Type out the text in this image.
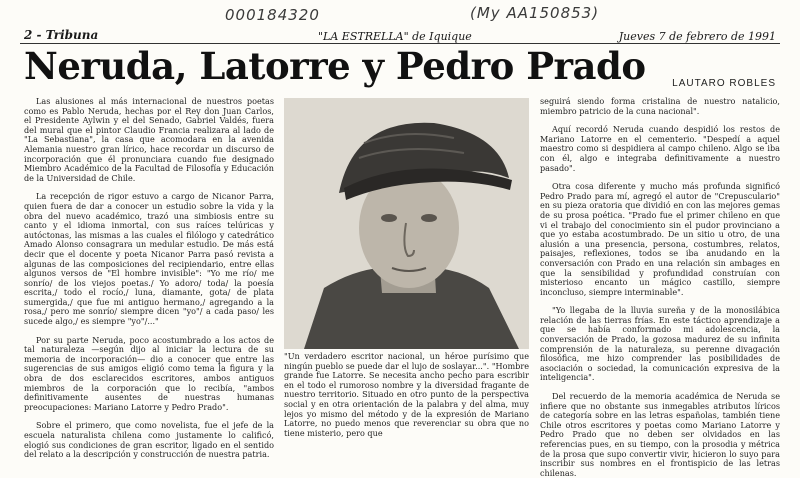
000184320	(My AA150853)
2 - Tribuna	"LA ESTRELLA" de Iquique	Jueves 7 de febrero de 1991
Neruda, Latorre y Pedro Prado	LAUTARO ROBLES

Las alusiones al más internacional de nuestros poetas como es Pablo Neruda, hechas por el Rey don Juan Carlos, el Presidente Aylwin y el del Senado, Gabriel Valdés, fuera del mural que el pintor Claudio Francia realizara al lado de "La Sebastiana", la casa que acomodara en la avenida Alemania nuestro gran lírico, hace recordar un discurso de incorporación que él pronunciara cuando fue designado Miembro Académico de la Facultad de Filosofía y Educación de la Universidad de Chile.

La recepción de rigor estuvo a cargo de Nicanor Parra, quien fuera de dar a conocer un estudio sobre la vida y la obra del nuevo académico, trazó una simbiosis entre su canto y el idioma inmortal, con sus raíces telúricas y autóctonas, las mismas a las cuales el filólogo y catedrático Amado Alonso consagrara un medular estudio. De más está decir que el docente y poeta Nicanor Parra pasó revista a algunas de las composiciones del recipiendario, entre ellas algunos versos de "El hombre invisible": "Yo me río/ me sonrío/ de los viejos poetas./ Yo adoro/ toda/ la poesía escrita,/ todo el rocío,/ luna, diamante, gota/ de plata sumergida,/ que fue mi antiguo hermano,/ agregando a la rosa,/ pero me sonrío/ siempre dicen "yo"/ a cada paso/ les sucede algo,/ es siempre "yo"/..."

Por su parte Neruda, poco acostumbrado a los actos de tal naturaleza —según dijo al iniciar la lectura de su memoria de incorporación— dio a conocer que entre las sugerencias de sus amigos eligió como tema la figura y la obra de dos esclarecidos escritores, ambos antiguos miembros de la corporación que lo recibía, "ambos definitivamente ausentes de nuestras humanas preocupaciones: Mariano Latorre y Pedro Prado".

Sobre el primero, que como novelista, fue el jefe de la escuela naturalista chilena como justamente lo calificó, elogió sus condiciones de gran escritor, ligado en el sentido del relato a la descripción y construcción de nuestra patria.

"Un verdadero escritor nacional, un héroe purísimo que ningún pueblo se puede dar el lujo de soslayar...". "Hombre grande fue Latorre. Se necesita ancho pecho para escribir en el todo el rumoroso nombre y la diversidad fragante de nuestro territorio. Situado en otro punto de la perspectiva social y en otra orientación de la palabra y del alma, muy lejos yo mismo del método y de la expresión de Mariano Latorre, no puedo menos que reverenciar su obra que no tiene misterio, pero que

seguirá siendo forma cristalina de nuestro natalicio, miembro patricio de la cuna nacional".

Aquí recordó Neruda cuando despidió los restos de Mariano Latorre en el cementerio. "Despedí a aquel maestro como si despidiera al campo chileno. Algo se iba con él, algo e integraba definitivamente a nuestro pasado".

Otra cosa diferente y mucho más profunda significó Pedro Prado para mí, agregó el autor de "Crepusculario" en su pieza oratoria que dividió en con las mejores gemas de su prosa poética. "Prado fue el primer chileno en que vi el trabajo del conocimiento sin el pudor provinciano a que yo estaba acostumbrado. De un sitio u otro, de una alusión a una presencia, persona, costumbres, relatos, paisajes, reflexiones, todos se iba anudando en la conversación con Prado en una relación sin ambages en que la sensibilidad y profundidad construían con misterioso encanto un mágico castillo, siempre inconcluso, siempre interminable".

"Yo llegaba de la lluvia sureña y de la monosilábica relación de las tierras frías. En este táctico aprendizaje a que se había conformado mi adolescencia, la conversación de Prado, la gozosa madurez de su infinita comprensión de la naturaleza, su perenne divagación filosófica, me hizo comprender las posibilidades de asociación o sociedad, la comunicación expresiva de la inteligencia".

Del recuerdo de la memoria académica de Neruda se infiere que no obstante sus inmegables atributos líricos de categoría sobre en las letras españolas, también tiene Chile otros escritores y poetas como Mariano Latorre y Pedro Prado que no deben ser olvidados en las referencias pues, en su tiempo, con la prosodia y métrica de la prosa que supo convertir vivir, hicieron lo suyo para inscribir sus nombres en el frontispicio de las letras chilenas.
